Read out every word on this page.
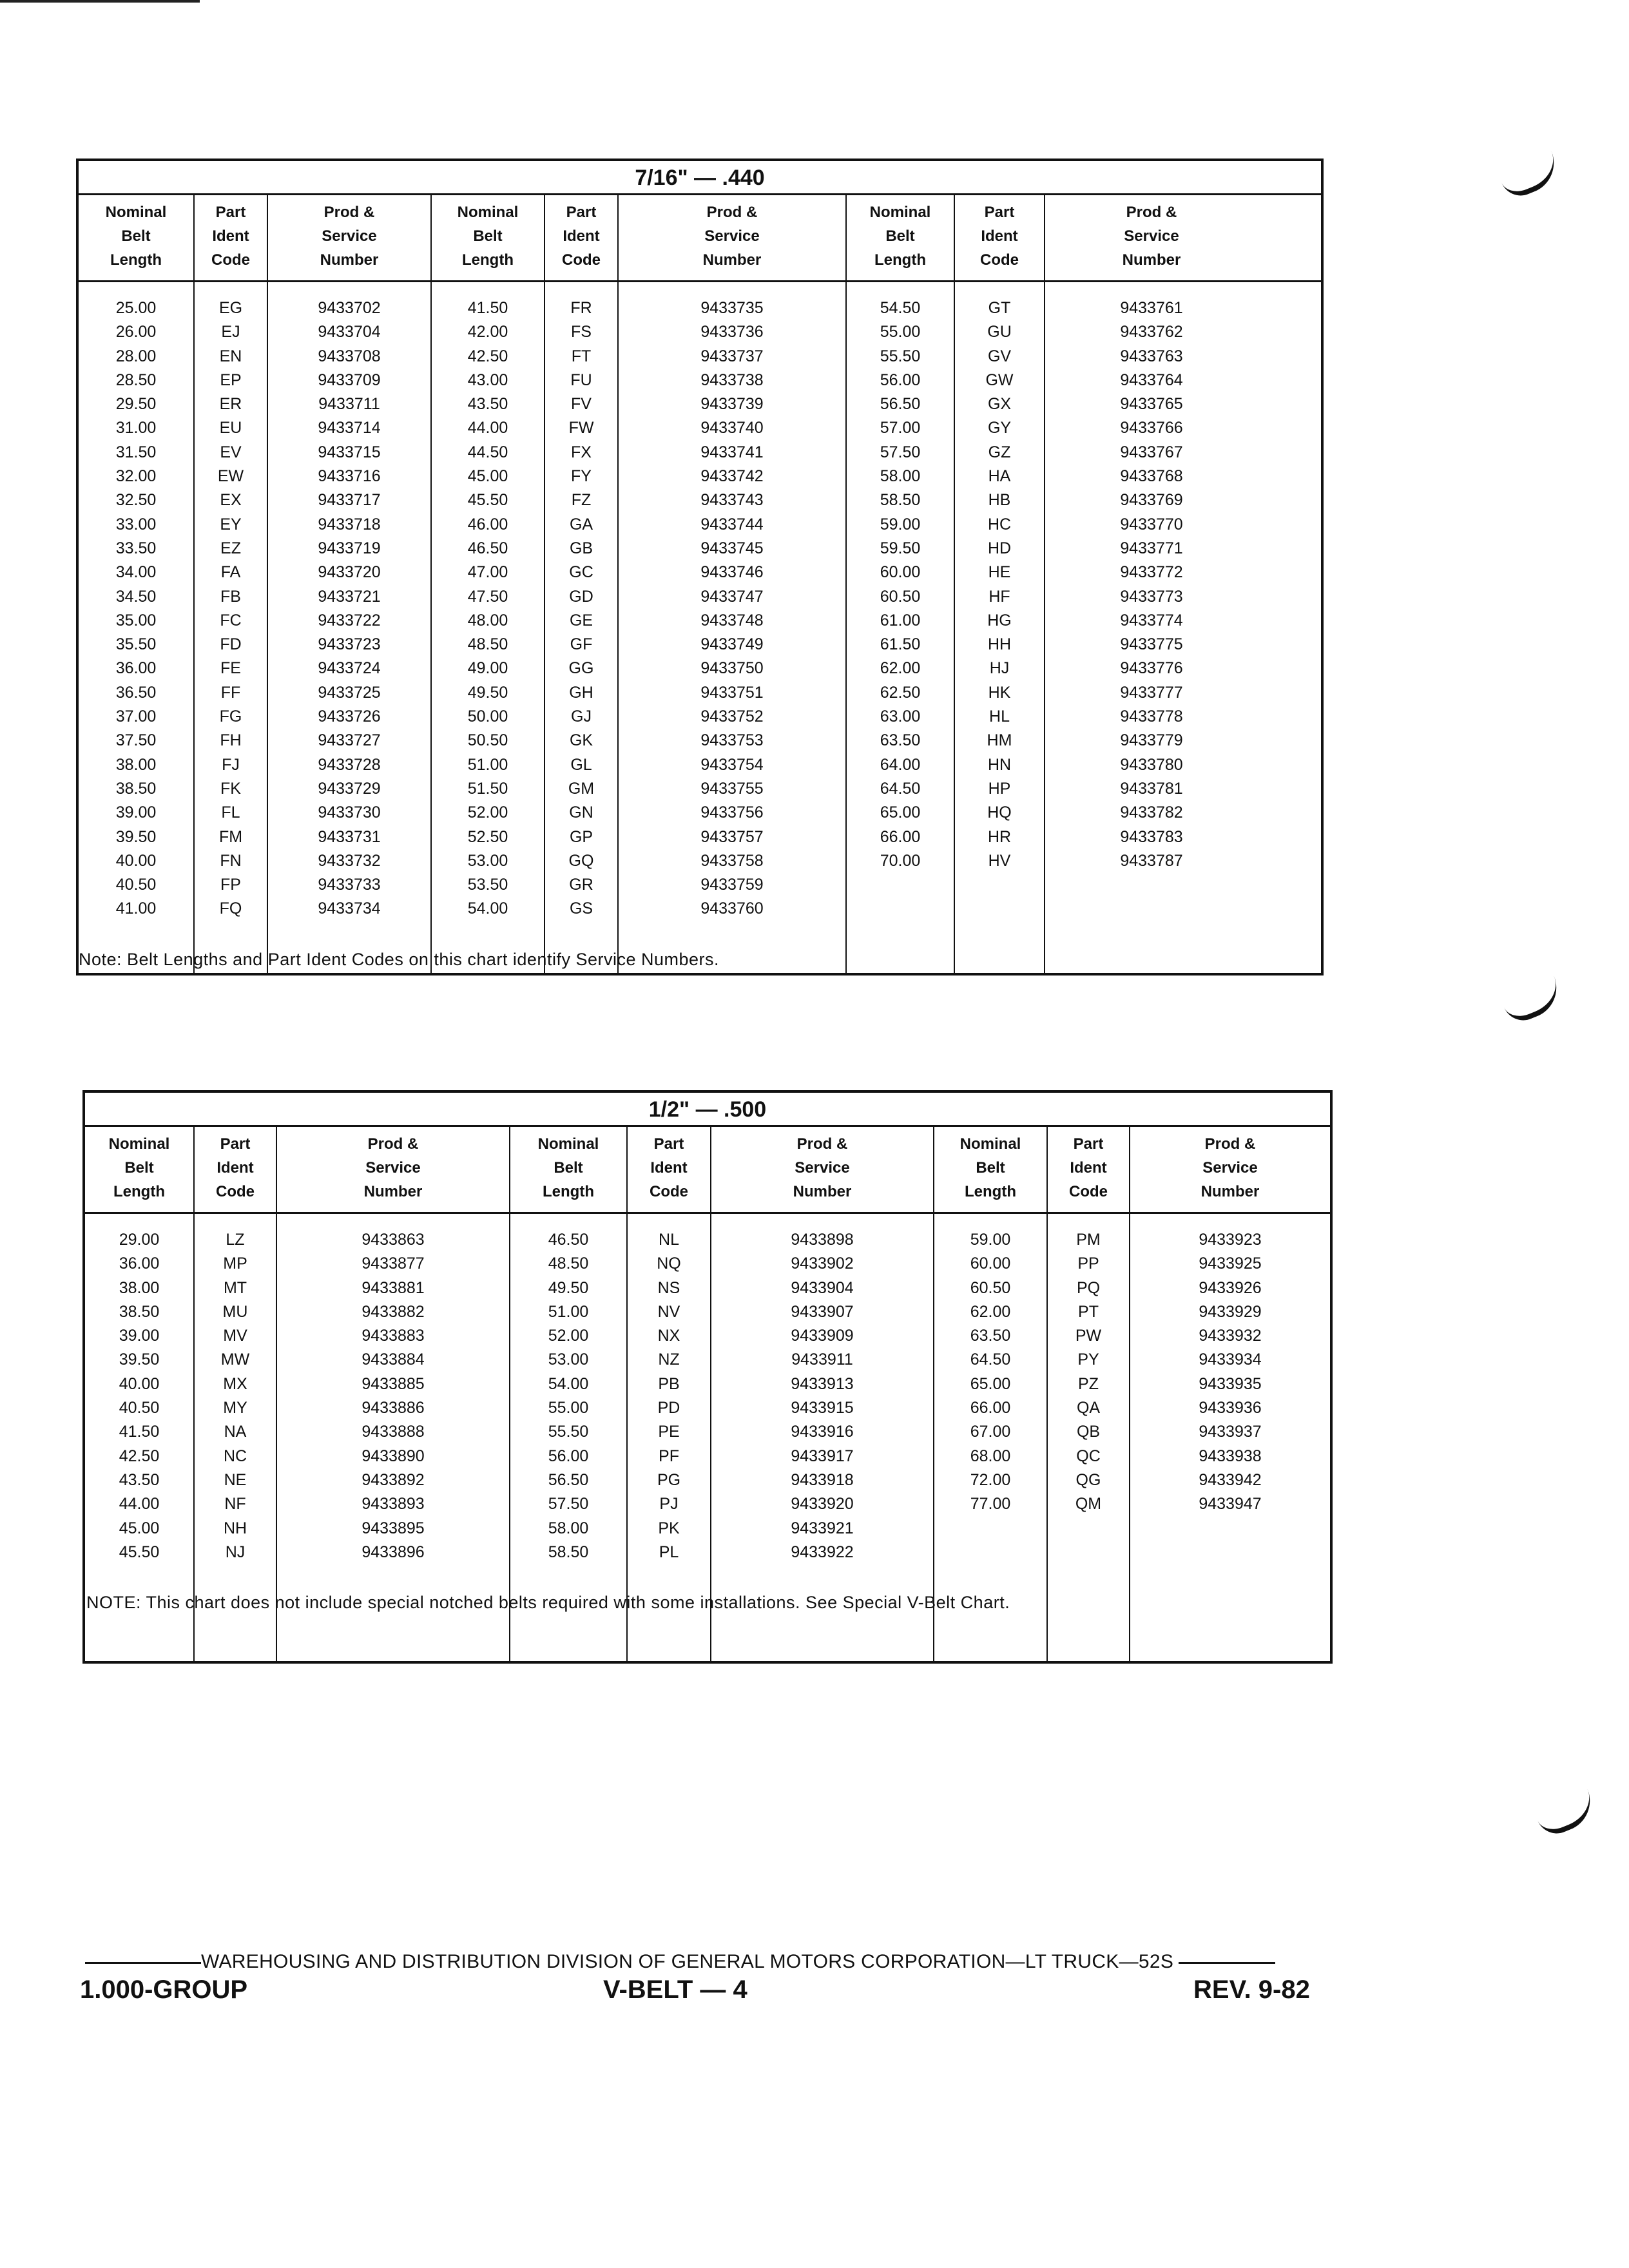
7/16" — .440
Nominal
Belt
Length
Part
Ident
Code
Prod &
Service
Number
Nominal
Belt
Length
Part
Ident
Code
Prod &
Service
Number
Nominal
Belt
Length
Part
Ident
Code
Prod &
Service
Number
25.00
26.00
28.00
28.50
29.50
31.00
31.50
32.00
32.50
33.00
33.50
34.00
34.50
35.00
35.50
36.00
36.50
37.00
37.50
38.00
38.50
39.00
39.50
40.00
40.50
41.00
EG
EJ
EN
EP
ER
EU
EV
EW
EX
EY
EZ
FA
FB
FC
FD
FE
FF
FG
FH
FJ
FK
FL
FM
FN
FP
FQ
9433702
9433704
9433708
9433709
9433711
9433714
9433715
9433716
9433717
9433718
9433719
9433720
9433721
9433722
9433723
9433724
9433725
9433726
9433727
9433728
9433729
9433730
9433731
9433732
9433733
9433734
41.50
42.00
42.50
43.00
43.50
44.00
44.50
45.00
45.50
46.00
46.50
47.00
47.50
48.00
48.50
49.00
49.50
50.00
50.50
51.00
51.50
52.00
52.50
53.00
53.50
54.00
FR
FS
FT
FU
FV
FW
FX
FY
FZ
GA
GB
GC
GD
GE
GF
GG
GH
GJ
GK
GL
GM
GN
GP
GQ
GR
GS
9433735
9433736
9433737
9433738
9433739
9433740
9433741
9433742
9433743
9433744
9433745
9433746
9433747
9433748
9433749
9433750
9433751
9433752
9433753
9433754
9433755
9433756
9433757
9433758
9433759
9433760
54.50
55.00
55.50
56.00
56.50
57.00
57.50
58.00
58.50
59.00
59.50
60.00
60.50
61.00
61.50
62.00
62.50
63.00
63.50
64.00
64.50
65.00
66.00
70.00
GT
GU
GV
GW
GX
GY
GZ
HA
HB
HC
HD
HE
HF
HG
HH
HJ
HK
HL
HM
HN
HP
HQ
HR
HV
9433761
9433762
9433763
9433764
9433765
9433766
9433767
9433768
9433769
9433770
9433771
9433772
9433773
9433774
9433775
9433776
9433777
9433778
9433779
9433780
9433781
9433782
9433783
9433787
Note: Belt Lengths and Part Ident Codes on this chart identify Service Numbers.
1/2" — .500
Nominal
Belt
Length
Part
Ident
Code
Prod &
Service
Number
Nominal
Belt
Length
Part
Ident
Code
Prod &
Service
Number
Nominal
Belt
Length
Part
Ident
Code
Prod &
Service
Number
29.00
36.00
38.00
38.50
39.00
39.50
40.00
40.50
41.50
42.50
43.50
44.00
45.00
45.50
LZ
MP
MT
MU
MV
MW
MX
MY
NA
NC
NE
NF
NH
NJ
9433863
9433877
9433881
9433882
9433883
9433884
9433885
9433886
9433888
9433890
9433892
9433893
9433895
9433896
46.50
48.50
49.50
51.00
52.00
53.00
54.00
55.00
55.50
56.00
56.50
57.50
58.00
58.50
NL
NQ
NS
NV
NX
NZ
PB
PD
PE
PF
PG
PJ
PK
PL
9433898
9433902
9433904
9433907
9433909
9433911
9433913
9433915
9433916
9433917
9433918
9433920
9433921
9433922
59.00
60.00
60.50
62.00
63.50
64.50
65.00
66.00
67.00
68.00
72.00
77.00
PM
PP
PQ
PT
PW
PY
PZ
QA
QB
QC
QG
QM
9433923
9433925
9433926
9433929
9433932
9433934
9433935
9433936
9433937
9433938
9433942
9433947
NOTE: This chart does not include special notched belts required with some installations. See Special V-Belt Chart.
WAREHOUSING AND DISTRIBUTION DIVISION OF GENERAL MOTORS CORPORATION—LT TRUCK—52S
1.000-GROUP	V-BELT — 4	REV. 9-82
